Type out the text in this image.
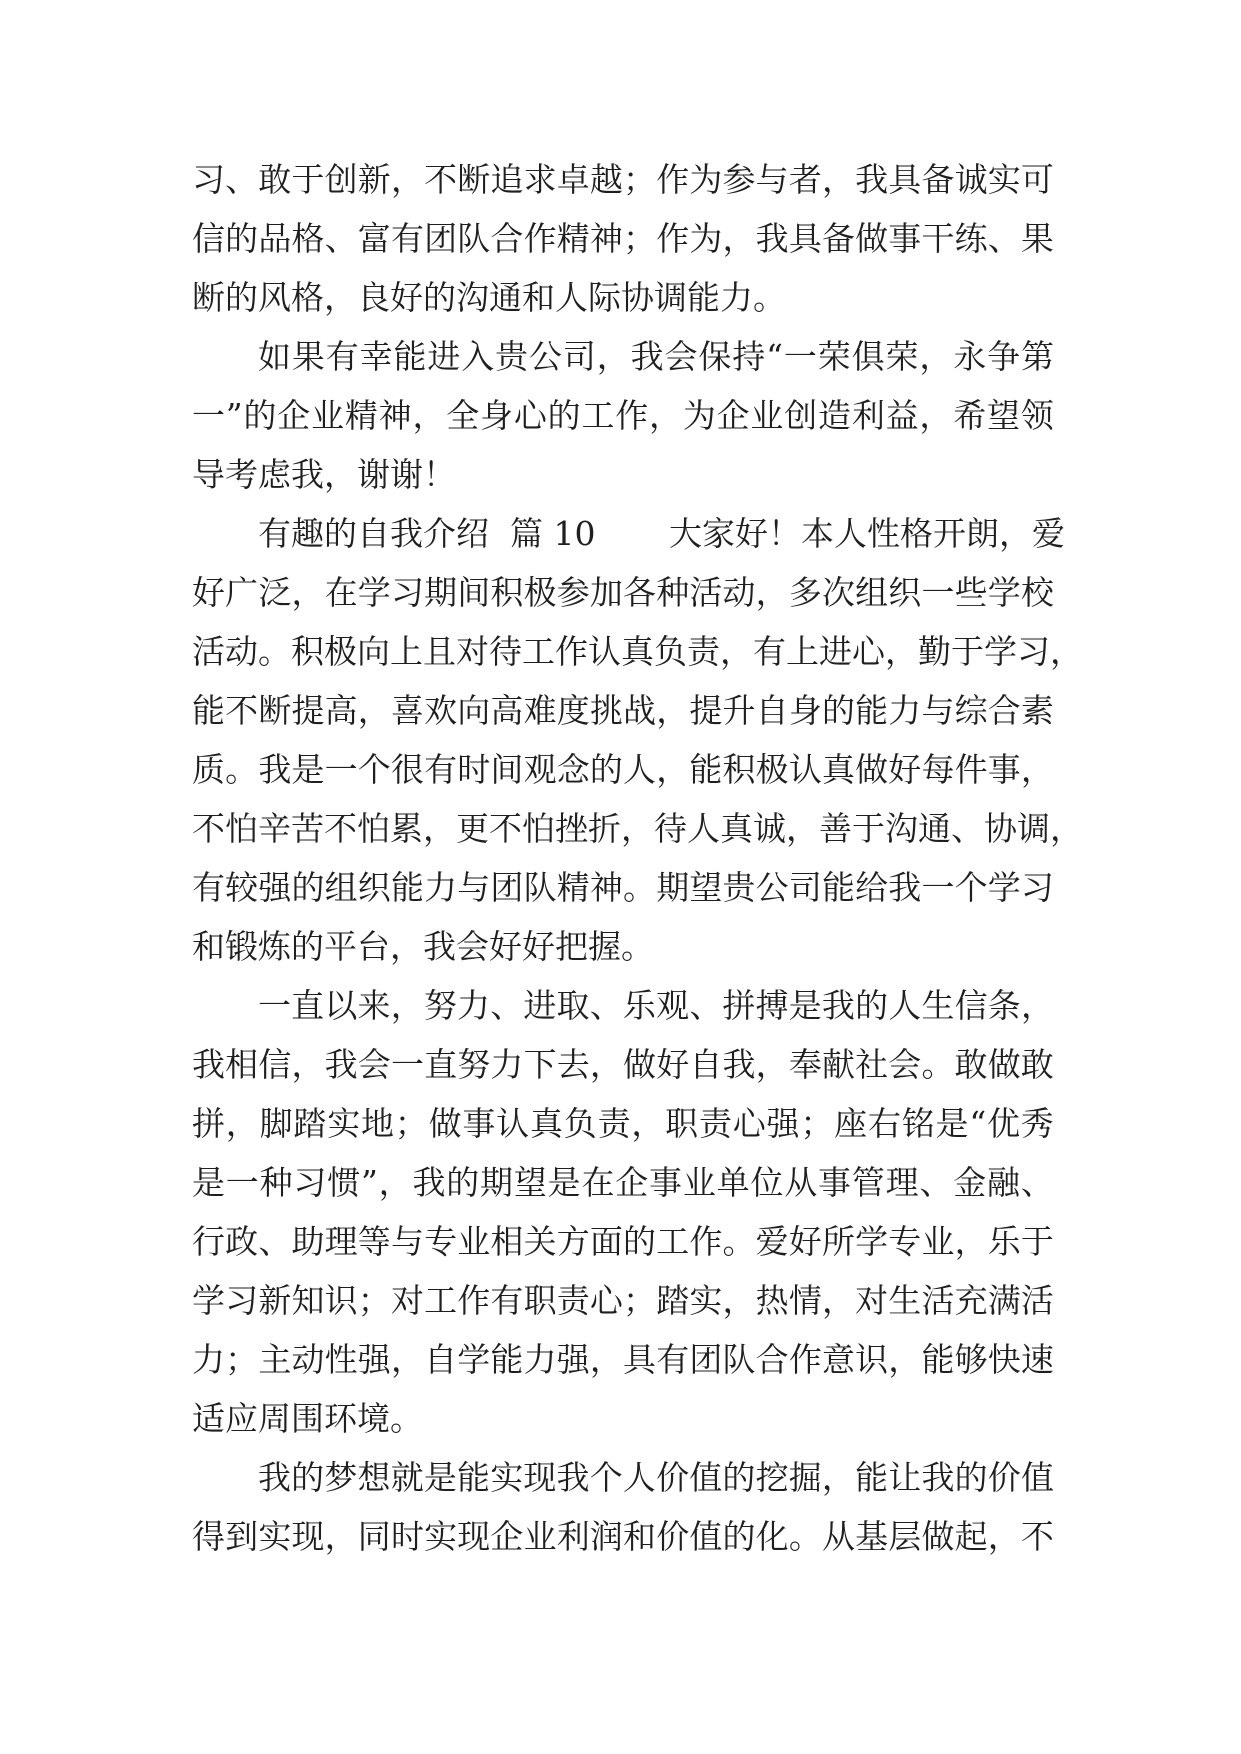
习 、 敢 于 创 新 ， 不 断 追 求 卓 越 ； 作 为 参 与 者 ， 我 具 备 诚 实 可
信 的 品 格 、 富 有 团 队 合 作 精 神 ； 作 为 ， 我 具 备 做 事 干 练 、 果
断的风格，良好的沟通和人际协调能力。
如 果 有 幸 能 进 入 贵 公 司 ， 我 会 保 持 “ 一 荣 俱 荣 ， 永 争 第
一 ” 的 企 业 精 神 ， 全 身 心 的 工 作 ， 为 企 业 创 造 利 益 ， 希 望 领
导考虑我，谢谢！
有 趣 的 自 我 介 绍

篇
1 0

大 家 好 ！ 本 人 性 格 开 朗 ， 爱
好 广 泛 ， 在 学 习 期 间 积 极 参 加 各 种 活 动 ， 多 次 组 织 一 些 学 校
活 动 。 积 极 向 上 且 对 待 工 作 认 真 负 责 ， 有 上 进 心 ， 勤 于 学 习 ，
能 不 断 提 高 ， 喜 欢 向 高 难 度 挑 战 ， 提 升 自 身 的 能 力 与 综 合 素
质 。 我 是 一 个 很 有 时 间 观 念 的 人 ， 能 积 极 认 真 做 好 每 件 事 ，
不 怕 辛 苦 不 怕 累 ， 更 不 怕 挫 折 ， 待 人 真 诚 ， 善 于 沟 通 、 协 调 ，
有 较 强 的 组 织 能 力 与 团 队 精 神 。 期 望 贵 公 司 能 给 我 一 个 学 习
和锻炼的平台，我会好好把握。
一 直 以 来 ， 努 力 、 进 取 、 乐 观 、 拼 搏 是 我 的 人 生 信 条 ，
我 相 信 ， 我 会 一 直 努 力 下 去 ， 做 好 自 我 ， 奉 献 社 会 。 敢 做 敢
拼 ， 脚 踏 实 地 ； 做 事 认 真 负 责 ， 职 责 心 强 ； 座 右 铭 是 “ 优 秀
是 一 种 习 惯 ” ， 我 的 期 望 是 在 企 事 业 单 位 从 事 管 理 、 金 融 、
行 政 、 助 理 等 与 专 业 相 关 方 面 的 工 作 。 爱 好 所 学 专 业 ， 乐 于
学 习 新 知 识 ； 对 工 作 有 职 责 心 ； 踏 实 ， 热 情 ， 对 生 活 充 满 活
力 ； 主 动 性 强 ， 自 学 能 力 强 ， 具 有 团 队 合 作 意 识 ， 能 够 快 速
适应周围环境。
我 的 梦 想 就 是 能 实 现 我 个 人 价 值 的 挖 掘 ， 能 让 我 的 价 值
得 到 实 现 ， 同 时 实 现 企 业 利 润 和 价 值 的 化 。 从 基 层 做 起 ， 不
